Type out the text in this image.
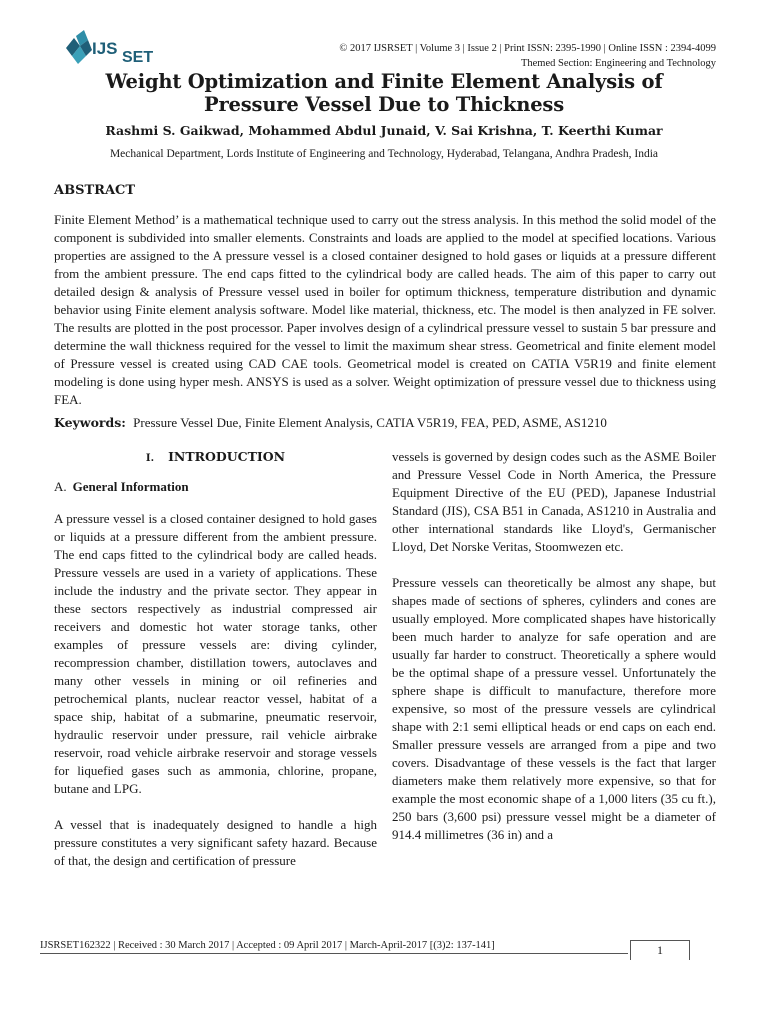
IJS SET
© 2017 IJSRSET | Volume 3 | Issue 2 | Print ISSN: 2395-1990 | Online ISSN : 2394-4099
Themed Section: Engineering and Technology
Weight Optimization and Finite Element Analysis of
Pressure Vessel Due to Thickness
Rashmi S. Gaikwad, Mohammed Abdul Junaid, V. Sai Krishna, T. Keerthi Kumar
Mechanical Department, Lords Institute of Engineering and Technology, Hyderabad, Telangana, Andhra Pradesh, India
ABSTRACT
Finite Element Method’ is a mathematical technique used to carry out the stress analysis. In this method the solid model of the component is subdivided into smaller elements. Constraints and loads are applied to the model at specified locations. Various properties are assigned to the A pressure vessel is a closed container designed to hold gases or liquids at a pressure different from the ambient pressure. The end caps fitted to the cylindrical body are called heads. The aim of this paper to carry out detailed design & analysis of Pressure vessel used in boiler for optimum thickness, temperature distribution and dynamic behavior using Finite element analysis software. Model like material, thickness, etc. The model is then analyzed in FE solver. The results are plotted in the post processor. Paper involves design of a cylindrical pressure vessel to sustain 5 bar pressure and determine the wall thickness required for the vessel to limit the maximum shear stress. Geometrical and finite element model of Pressure vessel is created using CAD CAE tools. Geometrical model is created on CATIA V5R19 and finite element modeling is done using hyper mesh. ANSYS is used as a solver. Weight optimization of pressure vessel due to thickness using FEA.
Keywords: Pressure Vessel Due, Finite Element Analysis, CATIA V5R19, FEA, PED, ASME, AS1210
I. INTRODUCTION
A. General Information

A pressure vessel is a closed container designed to hold gases or liquids at a pressure different from the ambient pressure. The end caps fitted to the cylindrical body are called heads. Pressure vessels are used in a variety of applications. These include the industry and the private sector. They appear in these sectors respectively as industrial compressed air receivers and domestic hot water storage tanks, other examples of pressure vessels are: diving cylinder, recompression chamber, distillation towers, autoclaves and many other vessels in mining or oil refineries and petrochemical plants, nuclear reactor vessel, habitat of a space ship, habitat of a submarine, pneumatic reservoir, hydraulic reservoir under pressure, rail vehicle airbrake reservoir, road vehicle airbrake reservoir and storage vessels for liquefied gases such as ammonia, chlorine, propane, butane and LPG.

A vessel that is inadequately designed to handle a high pressure constitutes a very significant safety hazard. Because of that, the design and certification of pressure

vessels is governed by design codes such as the ASME Boiler and Pressure Vessel Code in North America, the Pressure Equipment Directive of the EU (PED), Japanese Industrial Standard (JIS), CSA B51 in Canada, AS1210 in Australia and other international standards like Lloyd's, Germanischer Lloyd, Det Norske Veritas, Stoomwezen etc.

Pressure vessels can theoretically be almost any shape, but shapes made of sections of spheres, cylinders and cones are usually employed. More complicated shapes have historically been much harder to analyze for safe operation and are usually far harder to construct. Theoretically a sphere would be the optimal shape of a pressure vessel. Unfortunately the sphere shape is difficult to manufacture, therefore more expensive, so most of the pressure vessels are cylindrical shape with 2:1 semi elliptical heads or end caps on each end. Smaller pressure vessels are arranged from a pipe and two covers. Disadvantage of these vessels is the fact that larger diameters make them relatively more expensive, so that for example the most economic shape of a 1,000 liters (35 cu ft.), 250 bars (3,600 psi) pressure vessel might be a diameter of 914.4 millimetres (36 in) and a

IJSRSET162322 | Received : 30 March 2017 | Accepted : 09 April 2017 | March-April-2017 [(3)2: 137-141]	1
